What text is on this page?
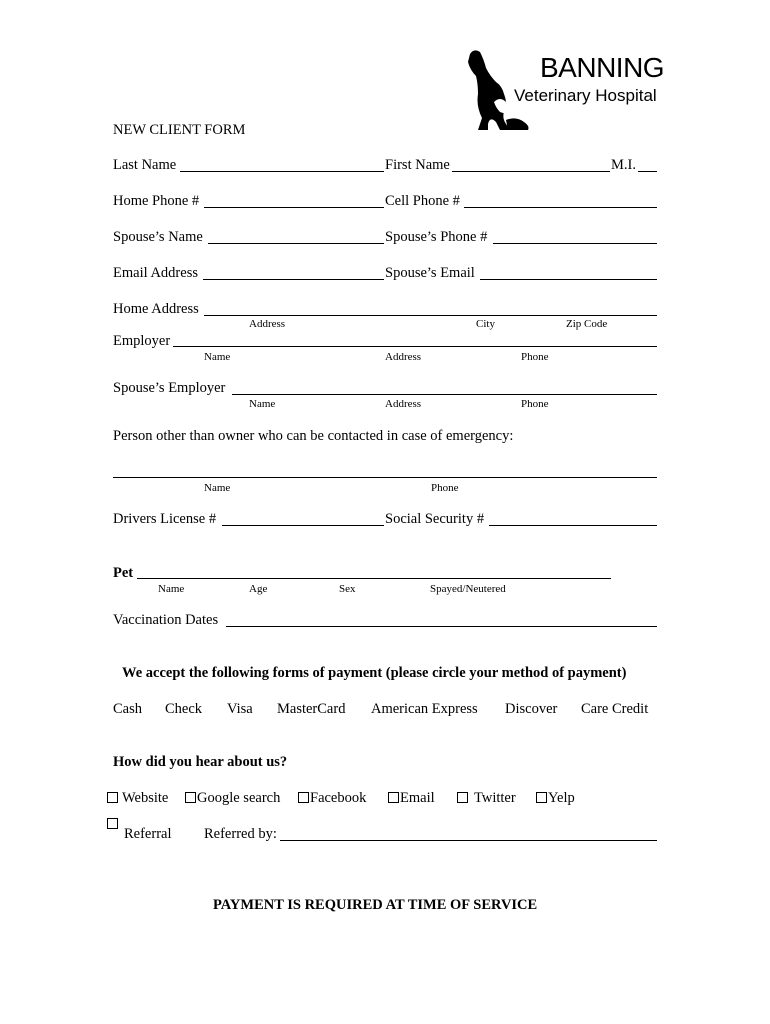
BANNING
Veterinary Hospital
NEW CLIENT FORM
Last Name	First Name	M.I.
Home Phone #	Cell Phone #
Spouse’s Name	Spouse’s Phone #
Email Address	Spouse’s Email
Home Address
Address	City	Zip Code
Employer
Name	Address	Phone
Spouse’s Employer
Name	Address	Phone
Person other than owner who can be contacted in case of emergency:
Name	Phone
Drivers License #	Social Security #
Pet
Name	Age	Sex	Spayed/Neutered
Vaccination Dates
We accept the following forms of payment (please circle your method of payment)
Cash Check Visa MasterCard American Express Discover Care Credit
How did you hear about us?
Website	Google search	Facebook	Email	Twitter	Yelp
Referral Referred by:
PAYMENT IS REQUIRED AT TIME OF SERVICE
